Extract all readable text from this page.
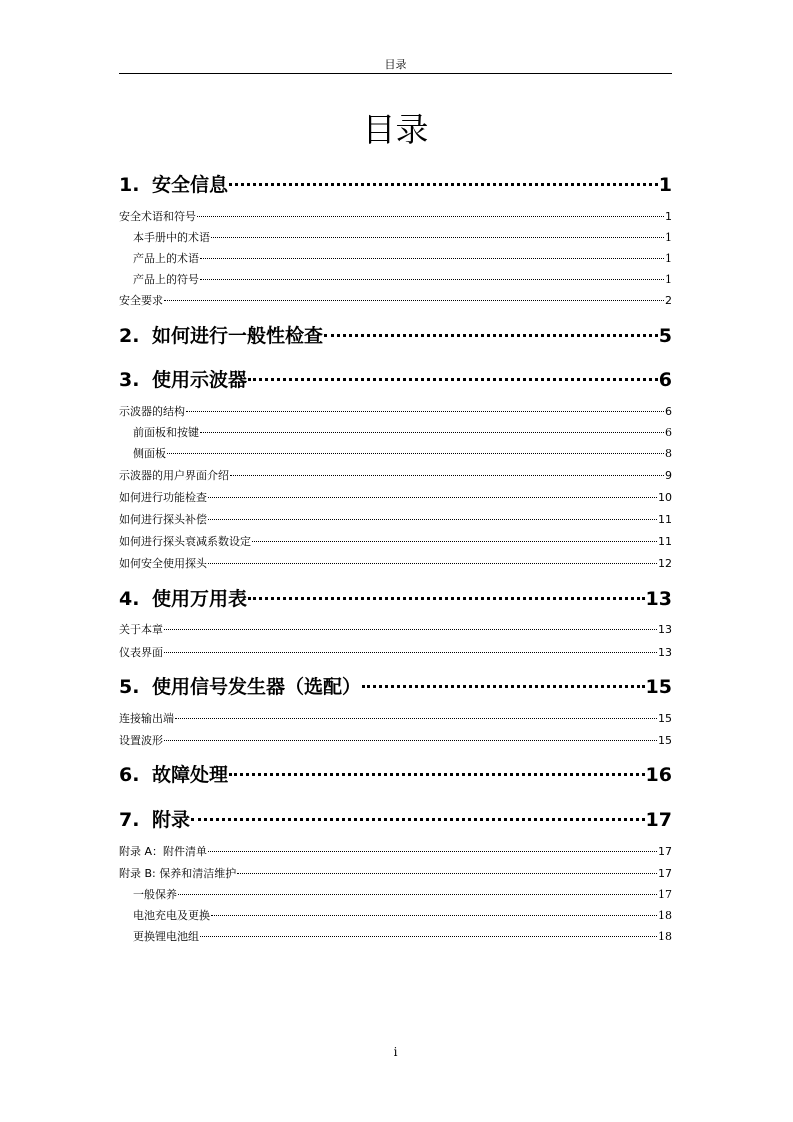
目录
目录
1. 安全信息	1
安全术语和符号	1
本手册中的术语	1
产品上的术语	1
产品上的符号	1
安全要求	2
2. 如何进行一般性检查	5
3. 使用示波器	6
示波器的结构	6
前面板和按键	6
侧面板	8
示波器的用户界面介绍	9
如何进行功能检查	10
如何进行探头补偿	11
如何进行探头衰减系数设定	11
如何安全使用探头	12
4. 使用万用表	13
关于本章	13
仪表界面	13
5. 使用信号发生器（选配）	15
连接输出端	15
设置波形	15
6. 故障处理	16
7. 附录	17
附录 A：附件清单	17
附录 B: 保养和清洁维护	17
一般保养	17
电池充电及更换	18
更换锂电池组	18
i
